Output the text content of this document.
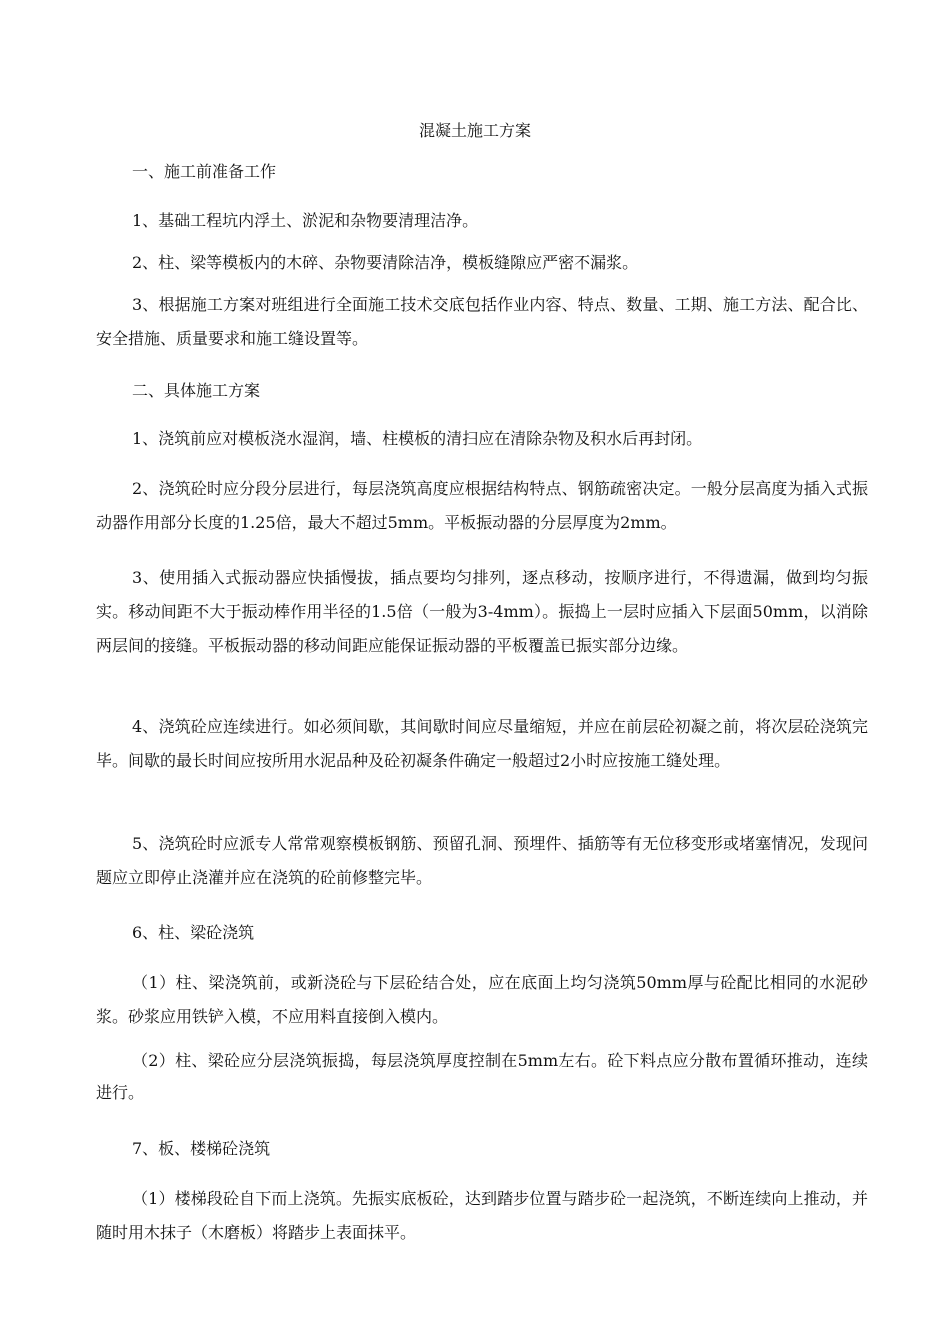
混凝土施工方案

一、施工前准备工作

1、基础工程坑内浮土、淤泥和杂物要清理洁净。

2、柱、梁等模板内的木碎、杂物要清除洁净，模板缝隙应严密不漏浆。

3、根据施工方案对班组进行全面施工技术交底包括作业内容、特点、数量、工期、施工方法、配合比、安全措施、质量要求和施工缝设置等。

二、具体施工方案

1、浇筑前应对模板浇水湿润，墙、柱模板的清扫应在清除杂物及积水后再封闭。

2、浇筑砼时应分段分层进行，每层浇筑高度应根据结构特点、钢筋疏密决定。一般分层高度为插入式振动器作用部分长度的1.25倍，最大不超过5mm。平板振动器的分层厚度为2mm。

3、使用插入式振动器应快插慢拔，插点要均匀排列，逐点移动，按顺序进行，不得遗漏，做到均匀振实。移动间距不大于振动棒作用半径的1.5倍（一般为3-4mm）。振捣上一层时应插入下层面50mm，以消除两层间的接缝。平板振动器的移动间距应能保证振动器的平板覆盖已振实部分边缘。

4、浇筑砼应连续进行。如必须间歇，其间歇时间应尽量缩短，并应在前层砼初凝之前，将次层砼浇筑完毕。间歇的最长时间应按所用水泥品种及砼初凝条件确定一般超过2小时应按施工缝处理。

5、浇筑砼时应派专人常常观察模板钢筋、预留孔洞、预埋件、插筋等有无位移变形或堵塞情况，发现问题应立即停止浇灌并应在浇筑的砼前修整完毕。

6、柱、梁砼浇筑

（1）柱、梁浇筑前，或新浇砼与下层砼结合处，应在底面上均匀浇筑50mm厚与砼配比相同的水泥砂浆。砂浆应用铁铲入模，不应用料直接倒入模内。

（2）柱、梁砼应分层浇筑振捣，每层浇筑厚度控制在5mm左右。砼下料点应分散布置循环推动，连续进行。

7、板、楼梯砼浇筑

（1）楼梯段砼自下而上浇筑。先振实底板砼，达到踏步位置与踏步砼一起浇筑，不断连续向上推动，并随时用木抹子（木磨板）将踏步上表面抹平。
